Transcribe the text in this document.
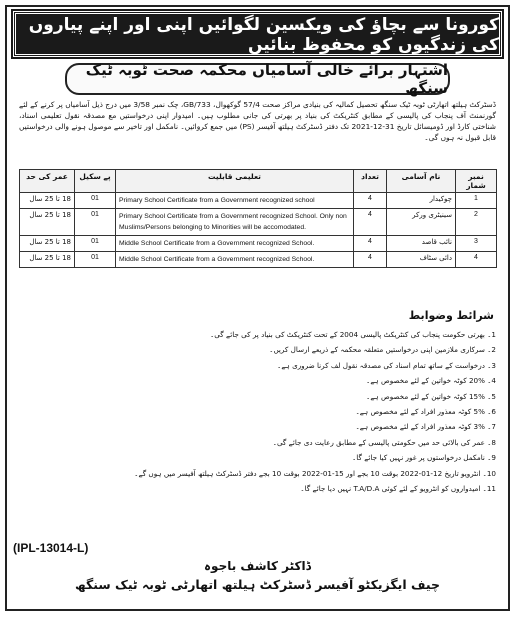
کورونا سے بچاؤ کی ویکسین لگوائیں اپنی اور اپنے پیاروں کی زندگیوں کو محفوظ بنائیں
اشتہار برائے خالی آسامیاں محکمہ صحت ٹوبہ ٹیک سنگھ
ڈسٹرکٹ ہیلتھ اتھارٹی ٹوبہ ٹیک سنگھ تحصیل کمالیہ کی بنیادی مراکز صحت 57/4 گوکھوال، 733/GB، چک نمبر 3/58 میں درج ذیل آسامیاں پر کرنے کے لئے گورنمنٹ آف پنجاب کی پالیسی کے مطابق کنٹریکٹ کی بنیاد پر بھرتی کی جانی مطلوب ہیں۔ امیدوار اپنی درخواستیں مع مصدقہ نقول تعلیمی اسناد، شناختی کارڈ اور ڈومیسائل تاریخ 31-12-2021 تک دفتر ڈسٹرکٹ ہیلتھ آفیسر (PS) میں جمع کروائیں۔ نامکمل اور تاخیر سے موصول ہونے والی درخواستیں قابل قبول نہ ہوں گی۔
عمر کی حد	پے سکیل	تعلیمی قابلیت	تعداد	نام آسامی	نمبر شمار
18 تا 25 سال	01	Primary School Certificate from a Government recognized school	4	چوکیدار	1
18 تا 25 سال	01	Primary School Certificate from a Government recognized School. Only non Muslims/Persons belonging to Minorities will be accomodated.	4	سینیٹری ورکر	2
18 تا 25 سال	01	Middle School Certificate from a Government recognized School.	4	نائب قاصد	3
18 تا 25 سال	01	Middle School Certificate from a Government recognized School.	4	دائی سٹاف	4
شرائط وضوابط
1۔ بھرتی حکومت پنجاب کی کنٹریکٹ پالیسی 2004 کے تحت کنٹریکٹ کی بنیاد پر کی جائے گی۔
2۔ سرکاری ملازمین اپنی درخواستیں متعلقہ محکمہ کے ذریعے ارسال کریں۔
3۔ درخواست کے ساتھ تمام اسناد کی مصدقہ نقول لف کرنا ضروری ہے۔
4۔ %20 کوٹہ خواتین کے لئے مخصوص ہے۔
5۔ %15 کوٹہ خواتین کے لئے مخصوص ہے۔
6۔ %5 کوٹہ معذور افراد کے لئے مخصوص ہے۔
7۔ %3 کوٹہ معذور افراد کے لئے مخصوص ہے۔
8۔ عمر کی بالائی حد میں حکومتی پالیسی کے مطابق رعایت دی جائے گی۔
9۔ نامکمل درخواستوں پر غور نہیں کیا جائے گا۔
10۔ انٹرویو تاریخ 12-01-2022 بوقت 10 بجے اور 15-01-2022 بوقت 10 بجے دفتر ڈسٹرکٹ ہیلتھ آفیسر میں ہوں گے۔
11۔ امیدواروں کو انٹرویو کے لئے کوئی T.A/D.A نہیں دیا جائے گا۔
(IPL-13014-L)
ڈاکٹر کاشف باجوہ
چیف ایگزیکٹو آفیسر ڈسٹرکٹ ہیلتھ اتھارٹی ٹوبہ ٹیک سنگھ
